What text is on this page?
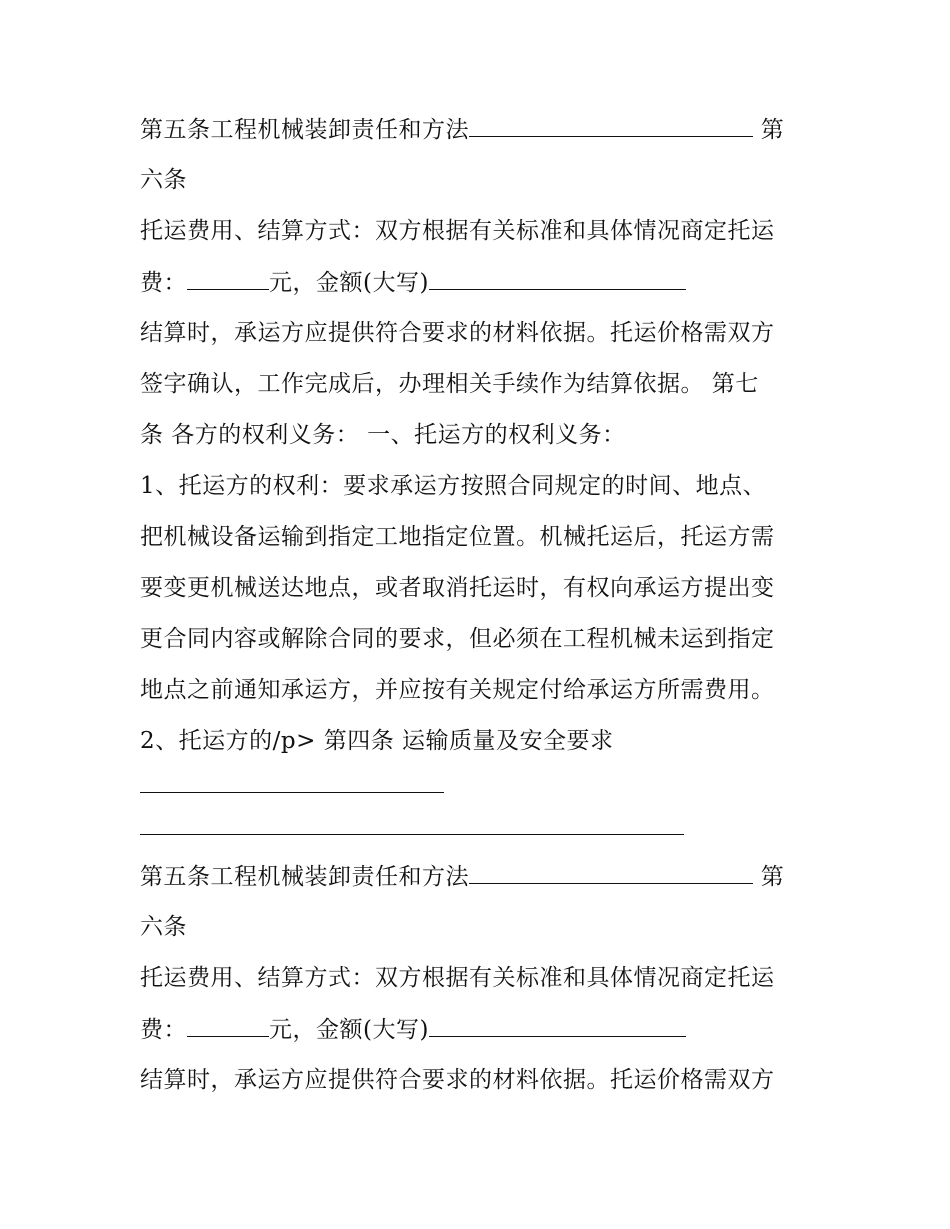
第五条工程机械装卸责任和方法	第
六条
托运费用、结算方式：双方根据有关标准和具体情况商定托运
费：	元，金额(大写)
结算时，承运方应提供符合要求的材料依据。托运价格需双方
签字确认，工作完成后，办理相关手续作为结算依据。 第七
条 各方的权利义务： 一、托运方的权利义务：
1、托运方的权利：要求承运方按照合同规定的时间、地点、
把机械设备运输到指定工地指定位置。机械托运后，托运方需
要变更机械送达地点，或者取消托运时，有权向承运方提出变
更合同内容或解除合同的要求，但必须在工程机械未运到指定
地点之前通知承运方，并应按有关规定付给承运方所需费用。
2、托运方的/p> 第四条 运输质量及安全要求
第五条工程机械装卸责任和方法	第
六条
托运费用、结算方式：双方根据有关标准和具体情况商定托运
费：	元，金额(大写)
结算时，承运方应提供符合要求的材料依据。托运价格需双方
